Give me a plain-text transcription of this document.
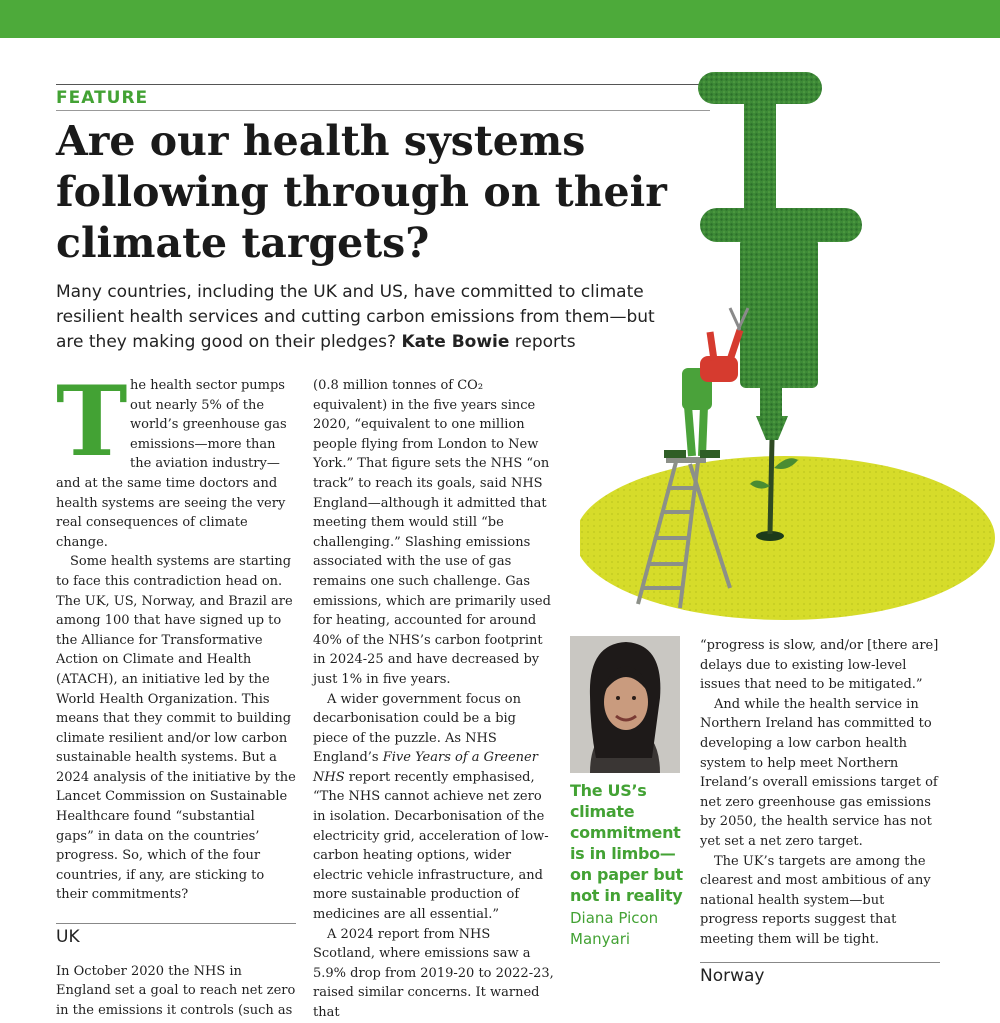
FEATURE
Are our health systems following through on their climate targets?
Many countries, including the UK and US, have committed to climate resilient health services and cutting carbon emissions from them—but are they making good on their pledges? Kate Bowie reports
T he health sector pumps out nearly 5% of the world’s greenhouse gas emissions—more than the aviation industry—and at the same time doctors and health systems are seeing the very real consequences of climate change.

Some health systems are starting to face this contradiction head on. The UK, US, Norway, and Brazil are among 100 that have signed up to the Alliance for Transformative Action on Climate and Health (ATACH), an initiative led by the World Health Organization. This means that they commit to building climate resilient and/or low carbon sustainable health systems. But a 2024 analysis of the initiative by the Lancet Commission on Sustainable Healthcare found “substantial gaps” in data on the countries’ progress. So, which of the four countries, if any, are sticking to their commitments?

UK

In October 2020 the NHS in England set a goal to reach net zero in the emissions it controls (such as

(0.8 million tonnes of CO₂ equivalent) in the five years since 2020, “equivalent to one million people flying from London to New York.” That figure sets the NHS “on track” to reach its goals, said NHS England—although it admitted that meeting them would still “be challenging.” Slashing emissions associated with the use of gas remains one such challenge. Gas emissions, which are primarily used for heating, accounted for around 40% of the NHS’s carbon footprint in 2024-25 and have decreased by just 1% in five years.

A wider government focus on decarbonisation could be a big piece of the puzzle. As NHS England’s Five Years of a Greener NHS report recently emphasised, “The NHS cannot achieve net zero in isolation. Decarbonisation of the electricity grid, acceleration of low-carbon heating options, wider electric vehicle infrastructure, and more sustainable production of medicines are all essential.”

A 2024 report from NHS Scotland, where emissions saw a 5.9% drop from 2019-20 to 2022-23, raised similar concerns. It warned that

The US’s climate commitment is in limbo—on paper but not in reality
Diana Picon Manyari

“progress is slow, and/or [there are] delays due to existing low-level issues that need to be mitigated.”

And while the health service in Northern Ireland has committed to developing a low carbon health system to help meet Northern Ireland’s overall emissions target of net zero greenhouse gas emissions by 2050, the health service has not yet set a net zero target.

The UK’s targets are among the clearest and most ambitious of any national health system—but progress reports suggest that meeting them will be tight.

Norway
